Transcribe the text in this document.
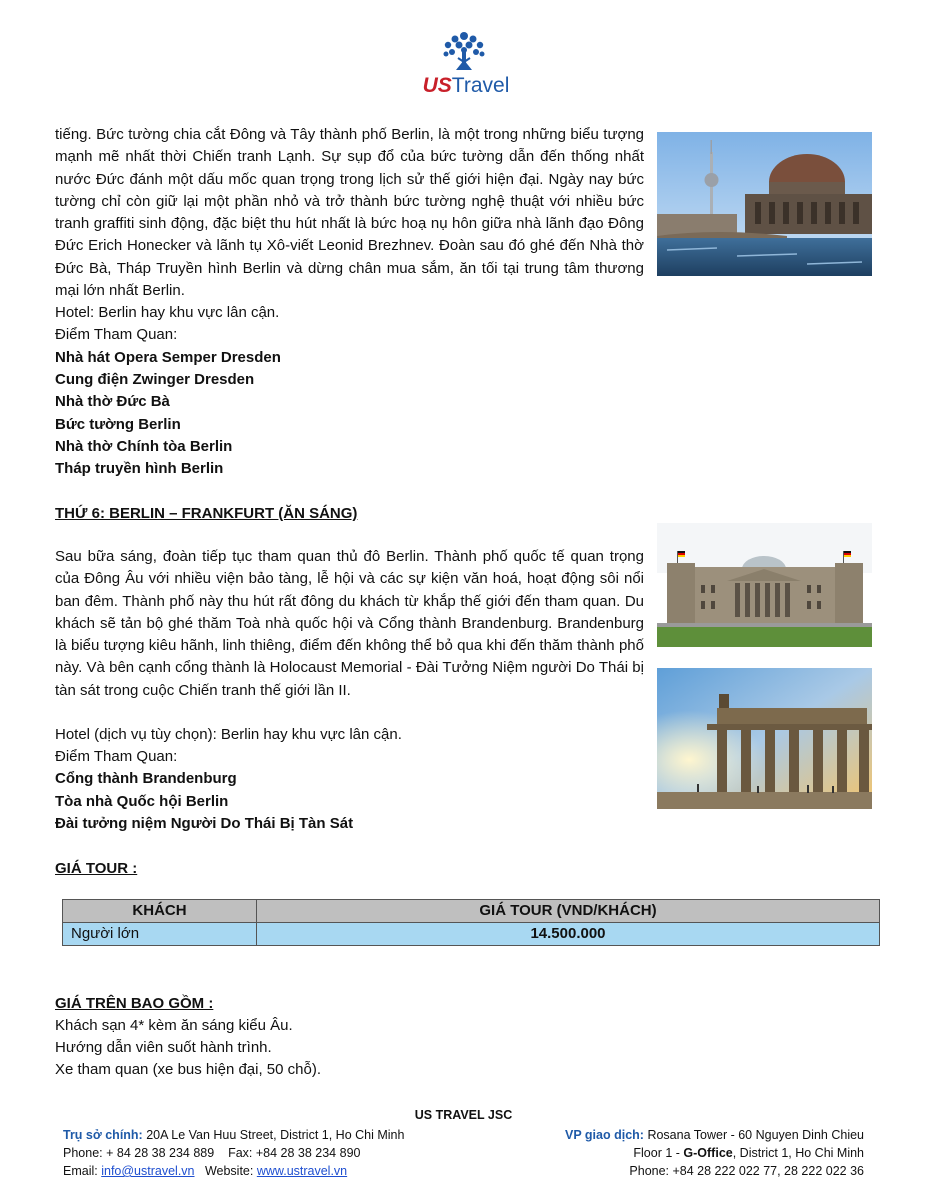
USTravel

tiếng. Bức tường chia cắt Đông và Tây thành phố Berlin, là một trong những biểu tượng mạnh mẽ nhất thời Chiến tranh Lạnh. Sự sụp đổ của bức tường dẫn đến thống nhất nước Đức đánh một dấu mốc quan trọng trong lịch sử thế giới hiện đại. Ngày nay bức tường chỉ còn giữ lại một phần nhỏ và trở thành bức tường nghệ thuật với nhiều bức tranh graffiti sinh động, đặc biệt thu hút nhất là bức hoạ nụ hôn giữa nhà lãnh đạo Đông Đức Erich Honecker và lãnh tụ Xô-viết Leonid Brezhnev. Đoàn sau đó ghé đến Nhà thờ Đức Bà, Tháp Truyền hình Berlin và dừng chân mua sắm, ăn tối tại trung tâm thương mại lớn nhất Berlin.

Hotel: Berlin hay khu vực lân cận.

Điểm Tham Quan:

Nhà hát Opera Semper Dresden

Cung điện Zwinger Dresden

Nhà thờ Đức Bà

Bức tường Berlin

Nhà thờ Chính tòa Berlin

Tháp truyền hình Berlin

THỨ 6: BERLIN – FRANKFURT (ĂN SÁNG)

Sau bữa sáng, đoàn tiếp tục tham quan thủ đô Berlin. Thành phố quốc tế quan trọng của Đông Âu với nhiều viện bảo tàng, lễ hội và các sự kiện văn hoá, hoạt động sôi nổi ban đêm. Thành phố này thu hút rất đông du khách từ khắp thế giới đến tham quan. Du khách sẽ tản bộ ghé thăm Toà nhà quốc hội và Cổng thành Brandenburg. Brandenburg là biểu tượng kiêu hãnh, linh thiêng, điểm đến không thể bỏ qua khi đến thăm thành phố này. Và bên cạnh cổng thành là Holocaust Memorial - Đài Tưởng Niệm người Do Thái bị tàn sát trong cuộc Chiến tranh thế giới lần II.

Hotel (dịch vụ tùy chọn): Berlin hay khu vực lân cận.

Điểm Tham Quan:

Cổng thành Brandenburg

Tòa nhà Quốc hội Berlin

Đài tưởng niệm Người Do Thái Bị Tàn Sát

GIÁ TOUR :

KHÁCH	GIÁ TOUR (VND/KHÁCH)
Người lớn	14.500.000

GIÁ TRÊN BAO GỒM :

Khách sạn 4* kèm ăn sáng kiểu Âu.

Hướng dẫn viên suốt hành trình.

Xe tham quan (xe bus hiện đại, 50 chỗ).

US TRAVEL JSC
Trụ sở chính: 20A Le Van Huu Street, District 1, Ho Chi Minh
Phone: + 84 28 38 234 889    Fax: +84 28 38 234 890
Email: info@ustravel.vn Website: www.ustravel.vn
VP giao dịch: Rosana Tower - 60 Nguyen Dinh Chieu
Floor 1 - G-Office, District 1, Ho Chi Minh
Phone: +84 28 222 022 77, 28 222 022 36
